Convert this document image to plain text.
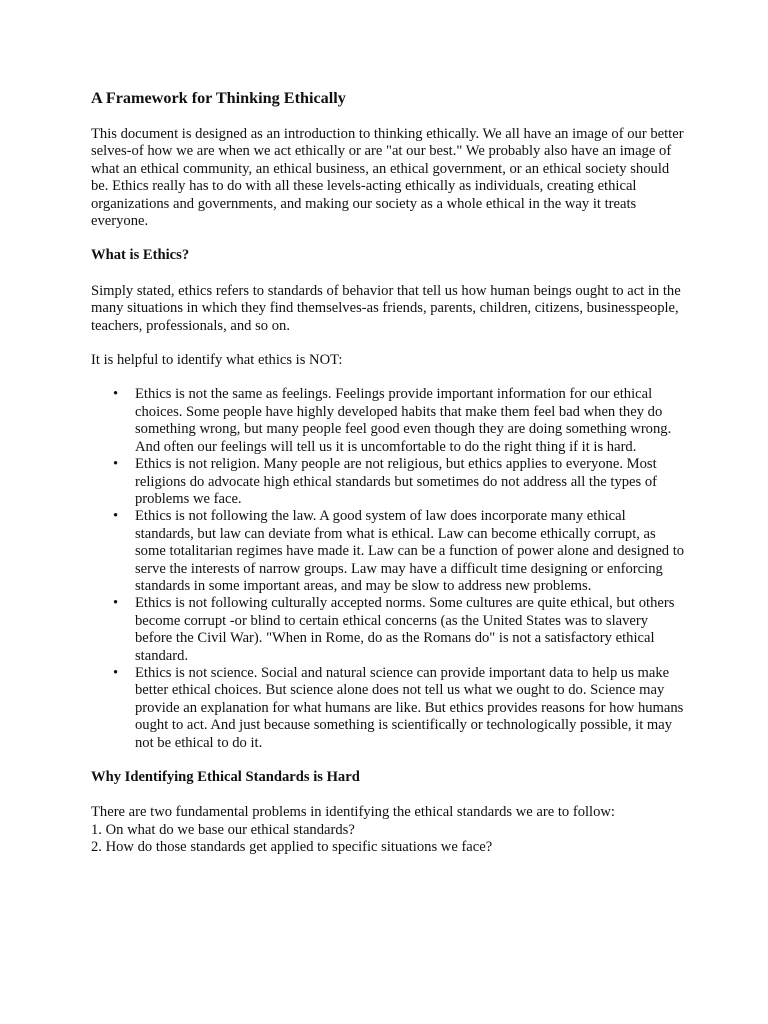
A Framework for Thinking Ethically

This document is designed as an introduction to thinking ethically. We all have an image of our better selves-of how we are when we act ethically or are "at our best." We probably also have an image of what an ethical community, an ethical business, an ethical government, or an ethical society should be. Ethics really has to do with all these levels-acting ethically as individuals, creating ethical organizations and governments, and making our society as a whole ethical in the way it treats everyone.

What is Ethics?

Simply stated, ethics refers to standards of behavior that tell us how human beings ought to act in the many situations in which they find themselves-as friends, parents, children, citizens, businesspeople, teachers, professionals, and so on.

It is helpful to identify what ethics is NOT:

• Ethics is not the same as feelings. Feelings provide important information for our ethical choices. Some people have highly developed habits that make them feel bad when they do something wrong, but many people feel good even though they are doing something wrong. And often our feelings will tell us it is uncomfortable to do the right thing if it is hard.
• Ethics is not religion. Many people are not religious, but ethics applies to everyone. Most religions do advocate high ethical standards but sometimes do not address all the types of problems we face.
• Ethics is not following the law. A good system of law does incorporate many ethical standards, but law can deviate from what is ethical. Law can become ethically corrupt, as some totalitarian regimes have made it. Law can be a function of power alone and designed to serve the interests of narrow groups. Law may have a difficult time designing or enforcing standards in some important areas, and may be slow to address new problems.
• Ethics is not following culturally accepted norms. Some cultures are quite ethical, but others become corrupt -or blind to certain ethical concerns (as the United States was to slavery before the Civil War). "When in Rome, do as the Romans do" is not a satisfactory ethical standard.
• Ethics is not science. Social and natural science can provide important data to help us make better ethical choices. But science alone does not tell us what we ought to do. Science may provide an explanation for what humans are like. But ethics provides reasons for how humans ought to act. And just because something is scientifically or technologically possible, it may not be ethical to do it.
Why Identifying Ethical Standards is Hard
There are two fundamental problems in identifying the ethical standards we are to follow:
1. On what do we base our ethical standards?
2. How do those standards get applied to specific situations we face?
